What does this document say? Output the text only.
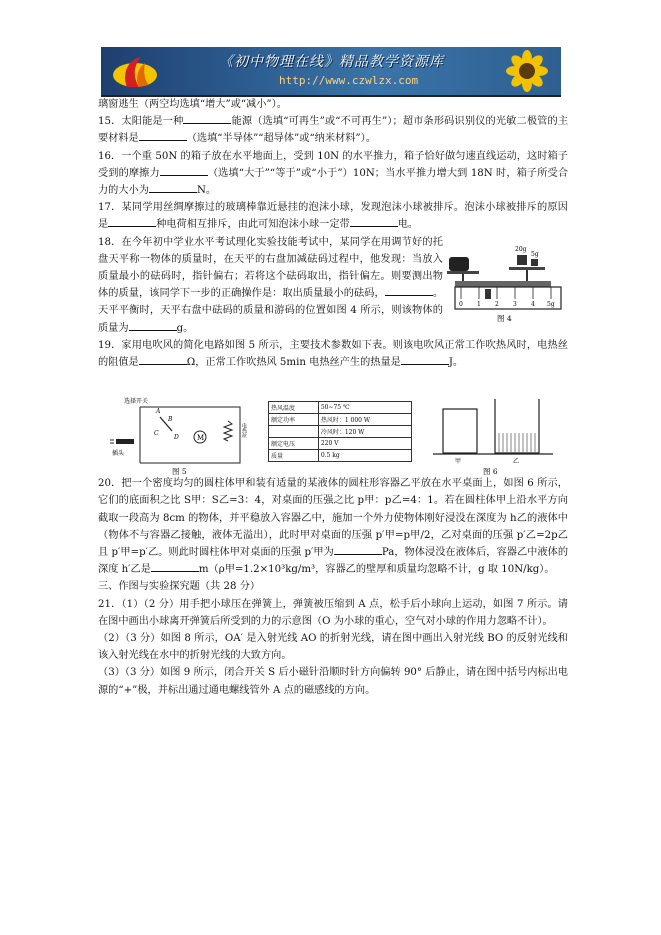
《初中物理在线》精品教学资源库
http://www.czwlzx.com

璃窗逃生（两空均选填“增大”或“减小”）。

15．太阳能是一种	能源（选填“可再生”或“不可再生”）；超市条形码识别仪的光敏二极管的主要材料是	（选填“半导体”“超导体”或“纳米材料”）。

16．一个重 50N 的箱子放在水平地面上，受到 10N 的水平推力，箱子恰好做匀速直线运动，这时箱子受到的摩擦力	（选填“大于”“等于”或“小于”）10N；当水平推力增大到 18N 时，箱子所受合力的大小为	N。

17．某同学用丝绸摩擦过的玻璃棒靠近悬挂的泡沫小球，发现泡沫小球被排斥。泡沫小球被排斥的原因是	种电荷相互排斥，由此可知泡沫小球一定带	电。

18．在今年初中学业水平考试理化实验技能考试中，某同学在用调节好的托盘天平称一物体的质量时，在天平的右盘加减砝码过程中，他发现：当放入质量最小的砝码时，指针偏右；若将这个砝码取出，指针偏左。则要测出物体的质量，该同学下一步的正确操作是：取出质量最小的砝码，	。天平平衡时，天平右盘中砝码的质量和游码的位置如图 4 所示，则该物体的质量为	g。

19．家用电吹风的简化电路如图 5 所示，主要技术参数如下表。则该电吹风正常工作吹热风时，电热丝的阻值是	Ω，正常工作吹热风 5min 电热丝产生的热量是	J。

20．把一个密度均匀的圆柱体甲和装有适量的某液体的圆柱形容器乙平放在水平桌面上，如图 6 所示，它们的底面积之比 S甲：S乙=3：4，对桌面的压强之比 p甲：p乙=4：1。若在圆柱体甲上沿水平方向截取一段高为 8cm 的物体，并平稳放入容器乙中，施加一个外力使物体刚好浸没在深度为 h乙的液体中（物体不与容器乙接触，液体无溢出），此时甲对桌面的压强 p′甲=p甲/2，乙对桌面的压强 p′乙=2p乙且 p′甲=p′乙。则此时圆柱体甲对桌面的压强 p′甲为	Pa，物体浸没在液体后，容器乙中液体的深度 h′乙是	m（ρ甲=1.2×10³kg/m³，容器乙的壁厚和质量均忽略不计，g 取 10N/kg）。

三、作图与实验探究题（共 28 分）

21．（1）（2 分）用手把小球压在弹簧上，弹簧被压缩到 A 点，松手后小球向上运动，如图 7 所示。请在图中画出小球离开弹簧后所受到的力的示意图（O 为小球的重心，空气对小球的作用力忽略不计）。

（2）（3 分）如图 8 所示，OA′ 是入射光线 AO 的折射光线，请在图中画出入射光线 BO 的反射光线和该入射光线在水中的折射光线的大致方向。

（3）（3 分）如图 9 所示，闭合开关 S 后小磁针沿顺时针方向偏转 90° 后静止，请在图中括号内标出电源的“+”极，并标出通过通电螺线管外 A 点的磁感线的方向。

20g
5g
0 1 2 3 4 5g
图 4
选择开关
A
B
C
D	M	电热丝
插头
图 5
热风温度	50~75 ℃
额定功率	热风时：1 000 W
	冷风时：120 W
额定电压	220 V
质量	0.5 kg
甲	乙
图 6
